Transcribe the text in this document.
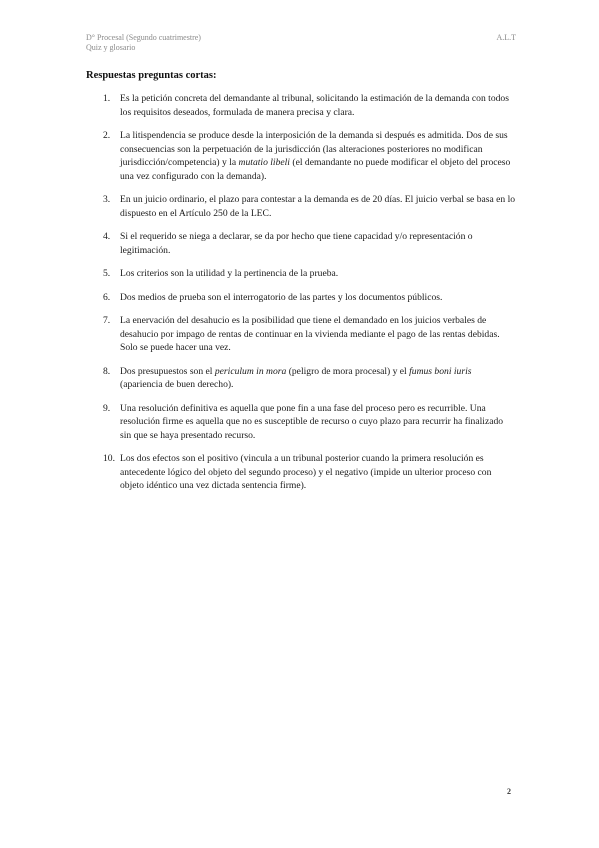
D° Procesal (Segundo cuatrimestre)
Quiz y glosario
A.L.T
Respuestas preguntas cortas:
1. Es la petición concreta del demandante al tribunal, solicitando la estimación de la demanda con todos los requisitos deseados, formulada de manera precisa y clara.
2. La litispendencia se produce desde la interposición de la demanda si después es admitida. Dos de sus consecuencias son la perpetuación de la jurisdicción (las alteraciones posteriores no modifican jurisdicción/competencia) y la mutatio libeli (el demandante no puede modificar el objeto del proceso una vez configurado con la demanda).
3. En un juicio ordinario, el plazo para contestar a la demanda es de 20 días. El juicio verbal se basa en lo dispuesto en el Artículo 250 de la LEC.
4. Si el requerido se niega a declarar, se da por hecho que tiene capacidad y/o representación o legitimación.
5. Los criterios son la utilidad y la pertinencia de la prueba.
6. Dos medios de prueba son el interrogatorio de las partes y los documentos públicos.
7. La enervación del desahucio es la posibilidad que tiene el demandado en los juicios verbales de desahucio por impago de rentas de continuar en la vivienda mediante el pago de las rentas debidas. Solo se puede hacer una vez.
8. Dos presupuestos son el periculum in mora (peligro de mora procesal) y el fumus boni iuris (apariencia de buen derecho).
9. Una resolución definitiva es aquella que pone fin a una fase del proceso pero es recurrible. Una resolución firme es aquella que no es susceptible de recurso o cuyo plazo para recurrir ha finalizado sin que se haya presentado recurso.
10. Los dos efectos son el positivo (vincula a un tribunal posterior cuando la primera resolución es antecedente lógico del objeto del segundo proceso) y el negativo (impide un ulterior proceso con objeto idéntico una vez dictada sentencia firme).
2
